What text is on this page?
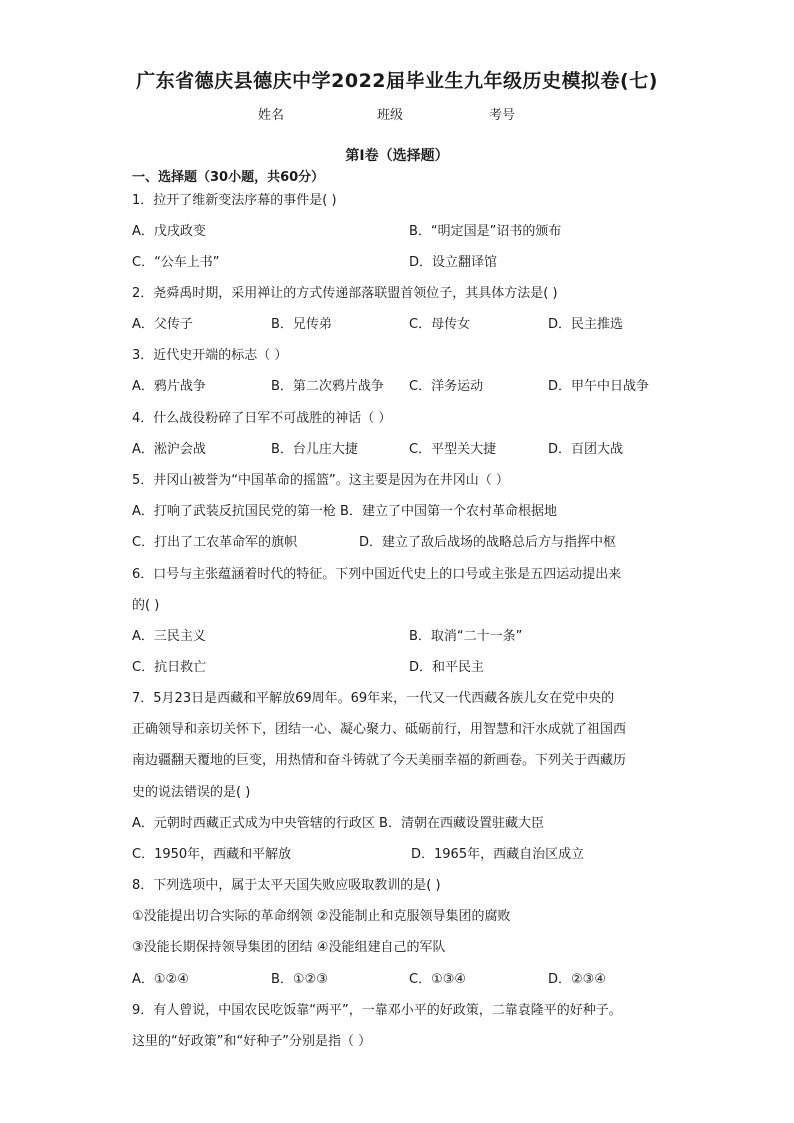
广东省德庆县德庆中学2022届毕业生九年级历史模拟卷(七)
姓名	班级	考号
第Ⅰ卷（选择题）
一、选择题（30小题，共60分）
1．拉开了维新变法序幕的事件是( )
A．戊戌政变	B．“明定国是”诏书的颁布
C．“公车上书”	D．设立翻译馆
2．尧舜禹时期，采用禅让的方式传递部落联盟首领位子，其具体方法是( )
A．父传子	B．兄传弟	C．母传女	D．民主推选
3．近代史开端的标志（ ）
A．鸦片战争	B．第二次鸦片战争 C．洋务运动	D．甲午中日战争
4．什么战役粉碎了日军不可战胜的神话（ ）
A．淞沪会战	B．台儿庄大捷	C．平型关大捷	D．百团大战
5．井冈山被誉为“中国革命的摇篮”。这主要是因为在井冈山（ ）
A．打响了武装反抗国民党的第一枪 B．建立了中国第一个农村革命根据地
C．打出了工农革命军的旗帜	D．建立了敌后战场的战略总后方与指挥中枢
6．口号与主张蕴涵着时代的特征。下列中国近代史上的口号或主张是五四运动提出来
的( )
A．三民主义	B．取消“二十一条”
C．抗日救亡	D．和平民主
7．5月23日是西藏和平解放69周年。69年来，一代又一代西藏各族儿女在党中央的
正确领导和亲切关怀下，团结一心、凝心聚力、砥砺前行，用智慧和汗水成就了祖国西
南边疆翻天覆地的巨变，用热情和奋斗铸就了今天美丽幸福的新画卷。下列关于西藏历
史的说法错误的是( )
A．元朝时西藏正式成为中央管辖的行政区 B．清朝在西藏设置驻藏大臣
C．1950年，西藏和平解放	D．1965年，西藏自治区成立
8．下列选项中，属于太平天国失败应吸取教训的是( )
①没能提出切合实际的革命纲领 ②没能制止和克服领导集团的腐败
③没能长期保持领导集团的团结 ④没能组建自己的军队
A．①②④	B．①②③	C．①③④	D．②③④
9．有人曾说，中国农民吃饭靠“两平”，一靠邓小平的好政策，二靠袁隆平的好种子。
这里的“好政策”和“好种子”分别是指（ ）
